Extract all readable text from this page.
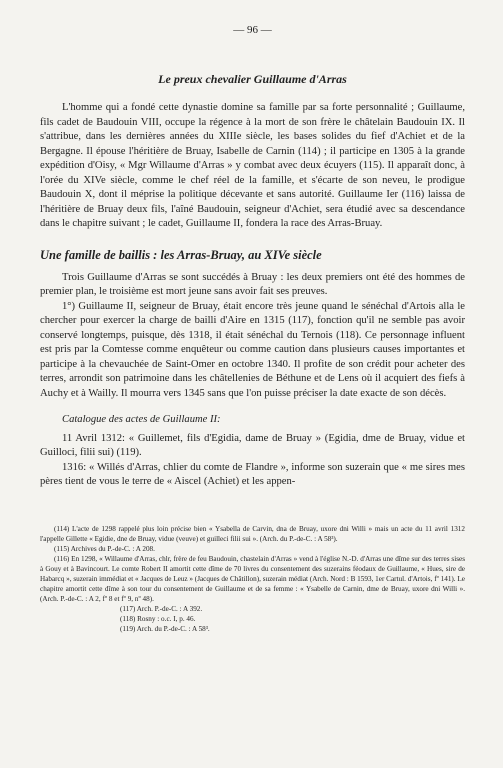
— 96 —
Le preux chevalier Guillaume d'Arras

L'homme qui a fondé cette dynastie domine sa famille par sa forte personnalité ; Guillaume, fils cadet de Baudouin VIII, occupe la régence à la mort de son frère le châtelain Baudouin IX. Il s'attribue, dans les dernières années du XIIIe siècle, les bases solides du fief d'Achiet et de la Bergagne. Il épouse l'héritière de Bruay, Isabelle de Carnin (114) ; il participe en 1305 à la grande expédition d'Oisy, « Mgr Willaume d'Arras » y combat avec deux écuyers (115). Il apparaît donc, à l'orée du XIVe siècle, comme le chef réel de la famille, et s'écarte de son neveu, le prodigue Baudouin X, dont il méprise la politique décevante et sans autorité. Guillaume Ier (116) laissa de l'héritière de Bruay deux fils, l'aîné Baudouin, seigneur d'Achiet, sera étudié avec sa descendance dans le chapitre suivant ; le cadet, Guillaume II, fondera la race des Arras-Bruay.

Une famille de baillis : les Arras-Bruay, au XIVe siècle

Trois Guillaume d'Arras se sont succédés à Bruay : les deux premiers ont été des hommes de premier plan, le troisième est mort jeune sans avoir fait ses preuves.

1°) Guillaume II, seigneur de Bruay, était encore très jeune quand le sénéchal d'Artois alla le chercher pour exercer la charge de bailli d'Aire en 1315 (117), fonction qu'il ne semble pas avoir conservé longtemps, puisque, dès 1318, il était sénéchal du Ternois (118). Ce personnage influent est pris par la Comtesse comme enquêteur ou comme caution dans plusieurs causes importantes et participe à la chevauchée de Saint-Omer en octobre 1340. Il profite de son crédit pour acheter des terres, arrondit son patrimoine dans les châtellenies de Béthune et de Lens où il acquiert des fiefs à Auchy et à Wailly. Il mourra vers 1345 sans que l'on puisse préciser la date exacte de son décès.

Catalogue des actes de Guillaume II:

11 Avril 1312: « Guillemet, fils d'Egidia, dame de Bruay » (Egidia, dme de Bruay, vidue et Guilloci, filii sui) (119).

1316: « Willés d'Arras, chlier du comte de Flandre », informe son suzerain que « me sires mes pères tient de vous le terre de « Aiscel (Achiet) et les appen-

(114) L'acte de 1298 rappelé plus loin précise bien « Ysabella de Carvin, dna de Bruay, uxore dni Willi » mais un acte du 11 avril 1312 l'appelle Gillette « Egidie, dne de Bruay, vidue (veuve) et guilleci filii sui ». (Arch. du P.-de-C. : A 58³).

(115) Archives du P.-de-C. : A 208.

(116) En 1298, « Willaume d'Arras, chlr, frère de feu Baudouin, chastelain d'Arras » vend à l'église N.-D. d'Arras une dîme sur des terres sises à Gouy et à Bavincourt. Le comte Robert II amortit cette dîme de 70 livres du consentement des suzerains féodaux de Guillaume, « Hues, sire de Habarcq », suzerain immédiat et « Jacques de Leuz » (Jacques de Châtillon), suzerain médiat (Arch. Nord : B 1593, 1er Cartul. d'Artois, fº 141). Le chapitre amortit cette dîme à son tour du consentement de Guillaume et de sa femme : « Ysabelle de Carnin, dme de Bruay, uxore dni Willi ». (Arch. P.-de-C. : A 2, fº 8 et fº 9, nº 48).

(117) Arch. P.-de-C. : A 392.

(118) Rosny : o.c. I, p. 46.

(119) Arch. du P.-de-C. : A 58³.
